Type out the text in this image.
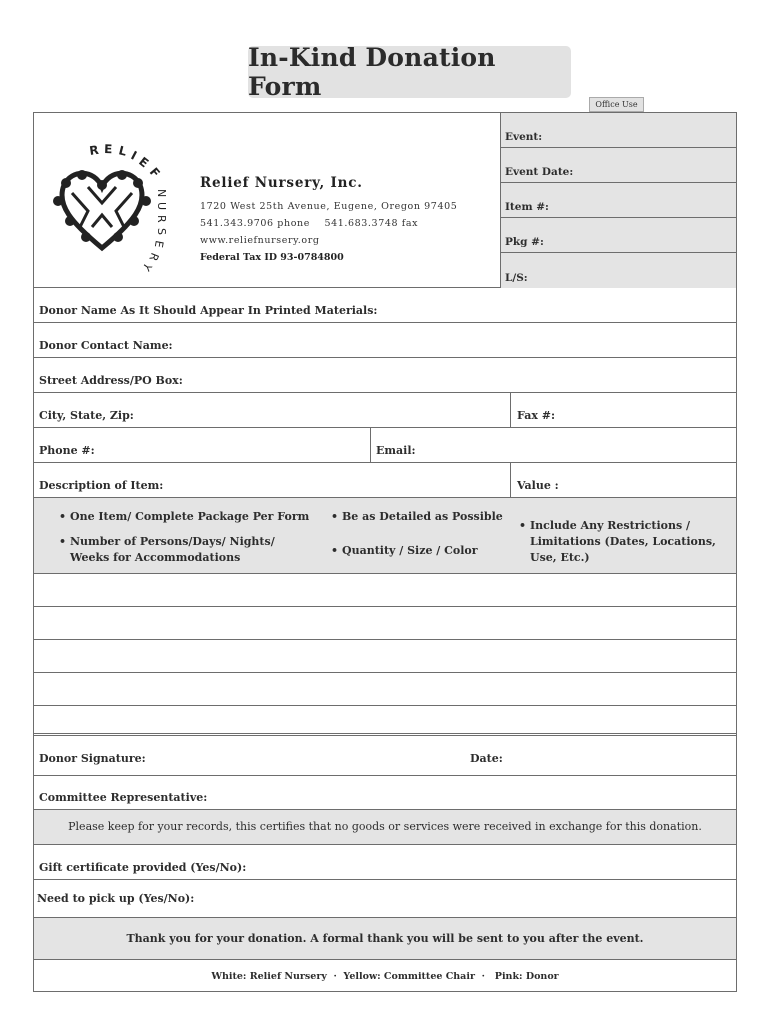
In-Kind Donation Form
Office Use
R E L I
E
F
N
U
R
S
E
R
Y
Relief Nursery, Inc.
1720 West 25th Avenue, Eugene, Oregon 97405
541.343.9706 phone    541.683.3748 fax
www.reliefnursery.org
Federal Tax ID 93-0784800
Event:
Event Date:
Item #:
Pkg #:
L/S:
Donor Name As It Should Appear In Printed Materials:
Donor Contact Name:
Street Address/PO Box:
City, State, Zip:	Fax #:
Phone #:	Email:
Description of Item:	Value :
• One Item/ Complete Package Per Form
• Number of Persons/Days/ Nights/
Weeks for Accommodations
• Be as Detailed as Possible
• Quantity / Size / Color
• Include Any Restrictions /
Limitations (Dates, Locations,
Use, Etc.)
Donor Signature:	Date:
Committee Representative:
Please keep for your records, this certifies that no goods or services were received in exchange for this donation.
Gift certificate provided (Yes/No):
Need to pick up (Yes/No):
Thank you for your donation. A formal thank you will be sent to you after the event.
White: Relief Nursery  ·  Yellow: Committee Chair  ·   Pink: Donor
